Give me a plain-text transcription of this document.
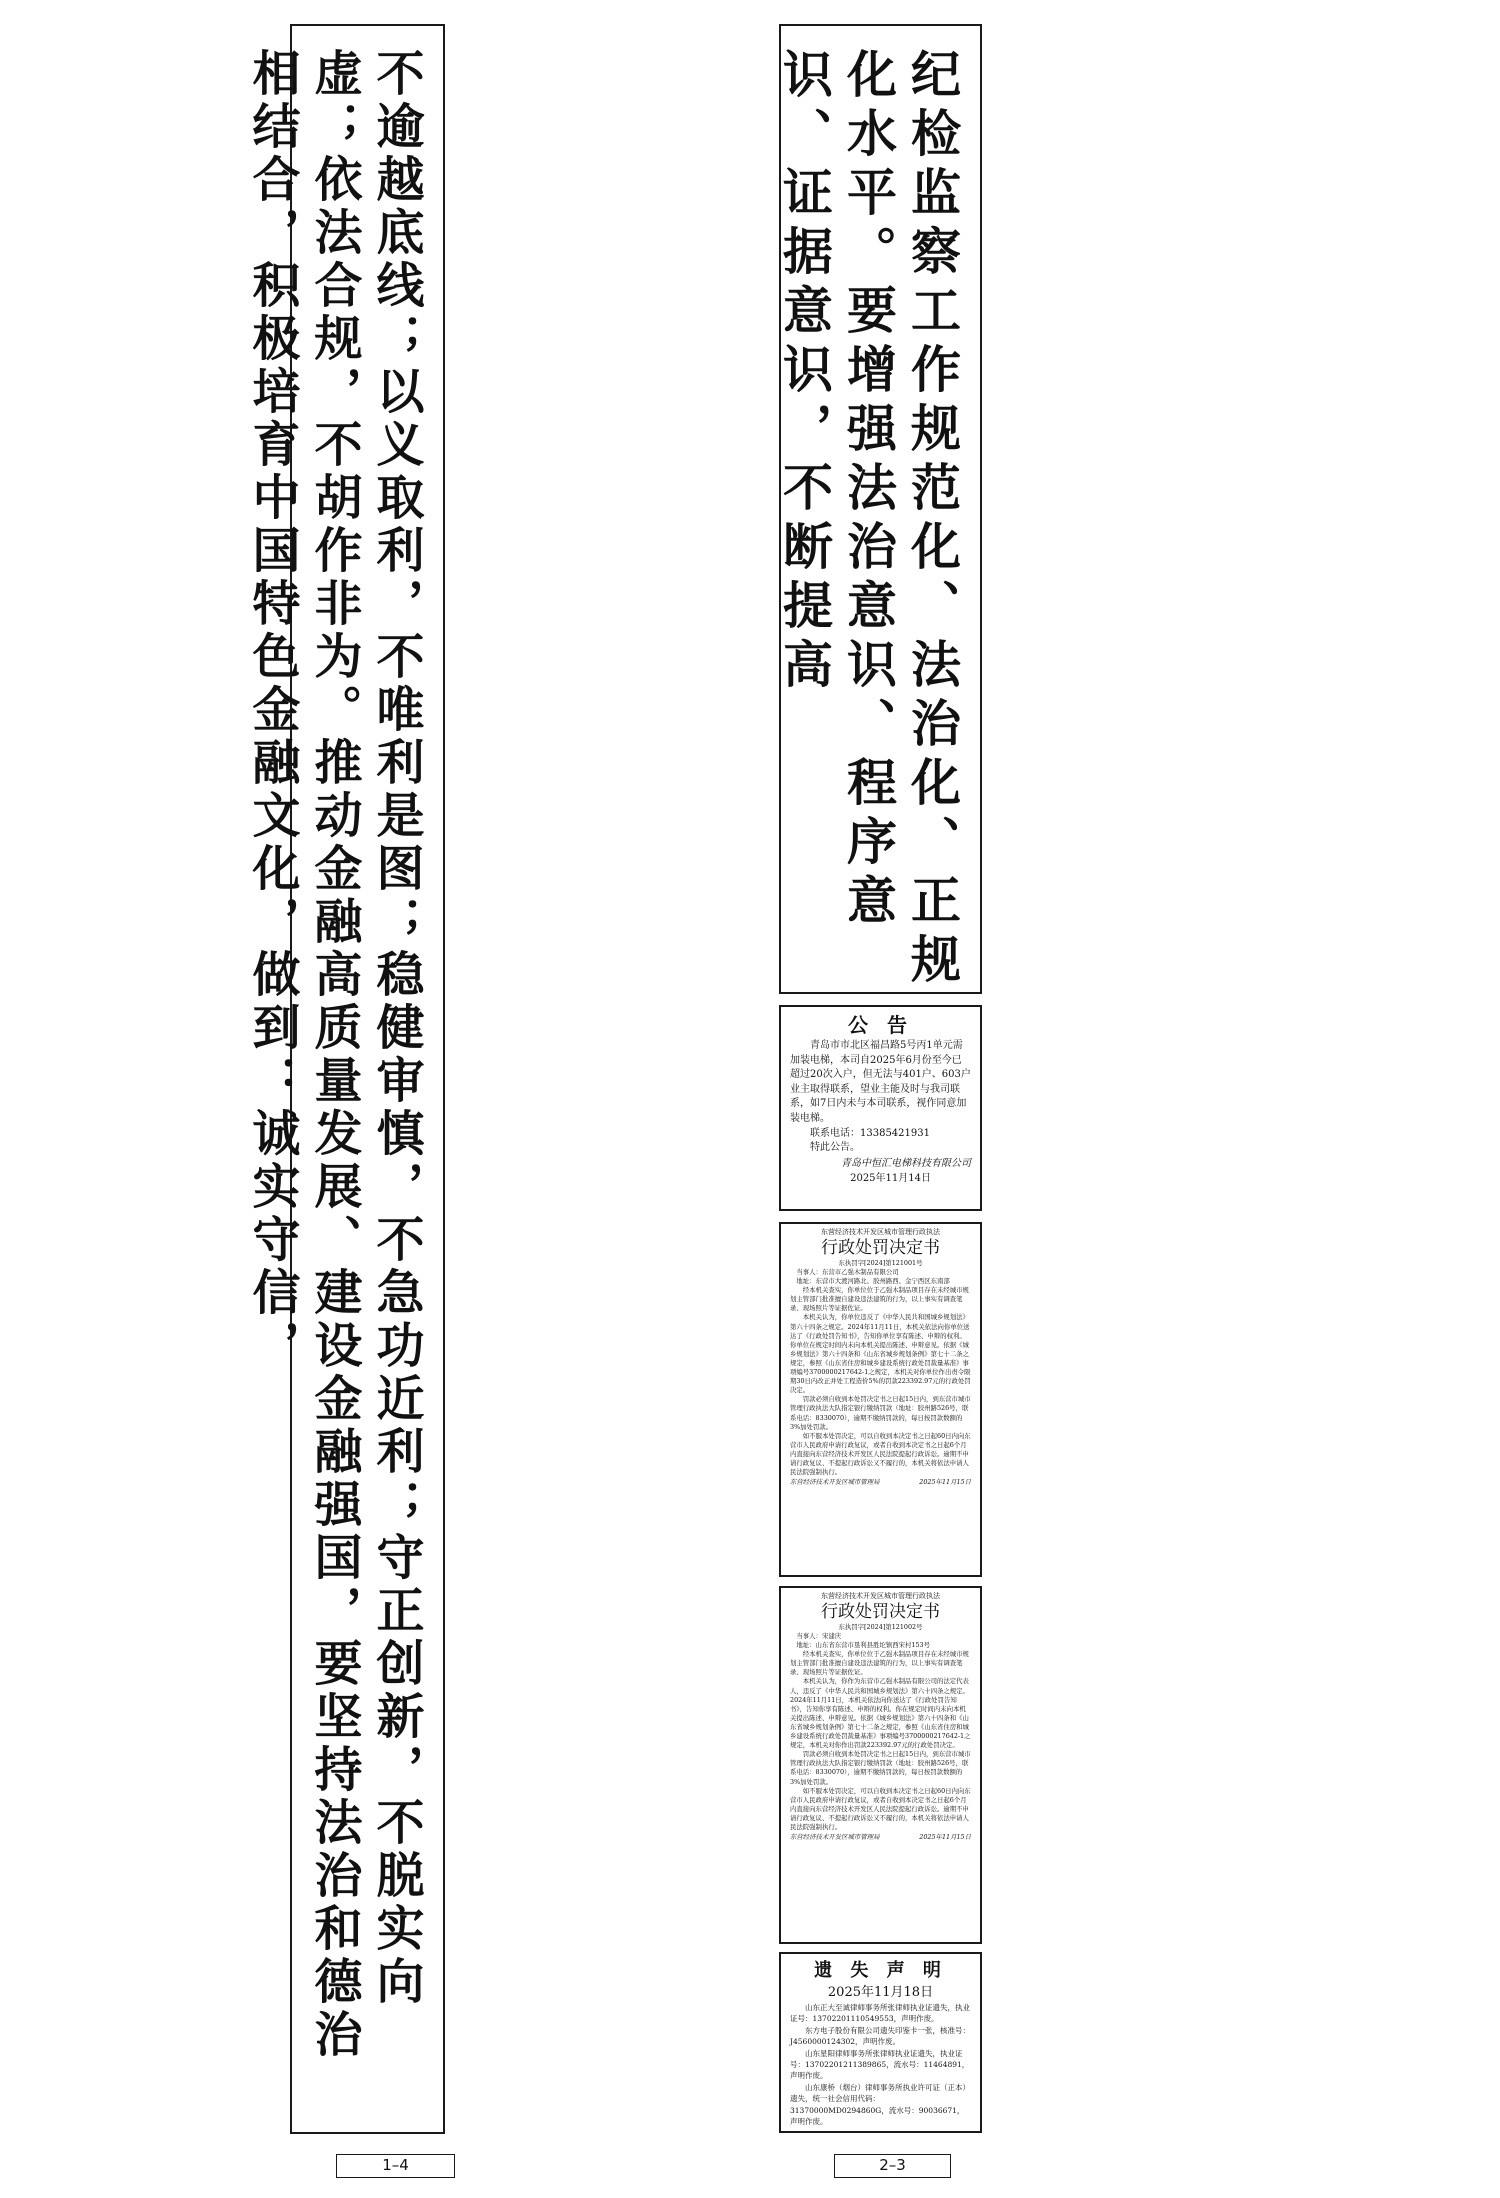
不逾越底线；以义取利，不唯利是图；稳健审慎，不急功近利；守正创新，不脱实向虚；依法合规，不胡作非为。推动金融高质量发展、建设金融强国，要坚持法治和德治相结合，积极培育中国特色金融文化，做到：诚实守信，	纪检监察工作规范化、法治化、正规化水平。要增强法治意识、程序意识、证据意识，不断提高
公 告

青岛市市北区福昌路5号丙1单元需加装电梯，本司自2025年6月份至今已超过20次入户，但无法与401户、603户业主取得联系，望业主能及时与我司联系，如7日内未与本司联系，视作同意加装电梯。

联系电话：13385421931

特此公告。

青岛中恒汇电梯科技有限公司
2025年11月14日
东营经济技术开发区城市管理行政执法
行政处罚决定书
东执罚字[2024]第121001号

当事人：东营市乙强木制品有限公司

地址：东营市大渡河路北、胶州路西、金宁西区东南部

经本机关查实，你单位位于乙强木制品项目存在未经城市规划主管部门批准擅自建设违法建筑的行为，以上事实有调查笔录、现场照片等证据佐证。

本机关认为，你单位违反了《中华人民共和国城乡规划法》第六十四条之规定。2024年11月11日，本机关依法向你单位送达了《行政处罚告知书》，告知你单位享有陈述、申辩的权利。你单位在规定时间内未向本机关提出陈述、申辩意见。依据《城乡规划法》第六十四条和《山东省城乡规划条例》第七十二条之规定，参照《山东省住房和城乡建设系统行政处罚裁量基准》事项编号3700000217642-1之规定，本机关对你单位作出责令限期30日内改正并处工程造价5%的罚款223392.97元的行政处罚决定。

罚款必须自收到本处罚决定书之日起15日内，到东营市城市管理行政执法大队指定银行缴纳罚款（地址：胶州路526号，联系电话：8330070），逾期不缴纳罚款的，每日按罚款数额的3%加处罚款。

如不服本处罚决定，可以自收到本决定书之日起60日内向东营市人民政府申请行政复议，或者自收到本决定书之日起6个月内直接向东营经济技术开发区人民法院提起行政诉讼。逾期不申请行政复议、不提起行政诉讼又不履行的，本机关将依法申请人民法院强制执行。

东营经济技术开发区城市管理局	2025年11月15日
东营经济技术开发区城市管理行政执法
行政处罚决定书
东执罚字[2024]第121002号

当事人：宋建庆

地址：山东省东营市垦利县胜坨镇西宋村153号

经本机关查实，你单位位于乙强木制品项目存在未经城市规划主管部门批准擅自建设违法建筑的行为，以上事实有调查笔录、现场照片等证据佐证。

本机关认为，你作为东营市乙强木制品有限公司的法定代表人，违反了《中华人民共和国城乡规划法》第六十四条之规定。2024年11月11日，本机关依法向你送达了《行政处罚告知书》，告知你享有陈述、申辩的权利。你在规定时间内未向本机关提出陈述、申辩意见。依据《城乡规划法》第六十四条和《山东省城乡规划条例》第七十二条之规定，参照《山东省住房和城乡建设系统行政处罚裁量基准》事项编号3700000217642-1之规定，本机关对你作出罚款223392.97元的行政处罚决定。

罚款必须自收到本处罚决定书之日起15日内，到东营市城市管理行政执法大队指定银行缴纳罚款（地址：胶州路526号，联系电话：8330070），逾期不缴纳罚款的，每日按罚款数额的3%加处罚款。

如不服本处罚决定，可以自收到本决定书之日起60日内向东营市人民政府申请行政复议，或者自收到本决定书之日起6个月内直接向东营经济技术开发区人民法院提起行政诉讼。逾期不申请行政复议、不提起行政诉讼又不履行的，本机关将依法申请人民法院强制执行。

东营经济技术开发区城市管理局	2025年11月15日
遗 失 声 明
2025年11月18日

山东正大至诚律师事务所张律师执业证遗失，执业证号：13702201110549553，声明作废。

东方电子股份有限公司遗失印鉴卡一张，核准号：J4560000124302，声明作废。

山东星阳律师事务所张律师执业证遗失，执业证号：13702201211389865，流水号：11464891，声明作废。

山东康桥（烟台）律师事务所执业许可证（正本）遗失，统一社会信用代码：31370000MD0294860G，流水号：90036671，声明作废。

1–4	2–3
